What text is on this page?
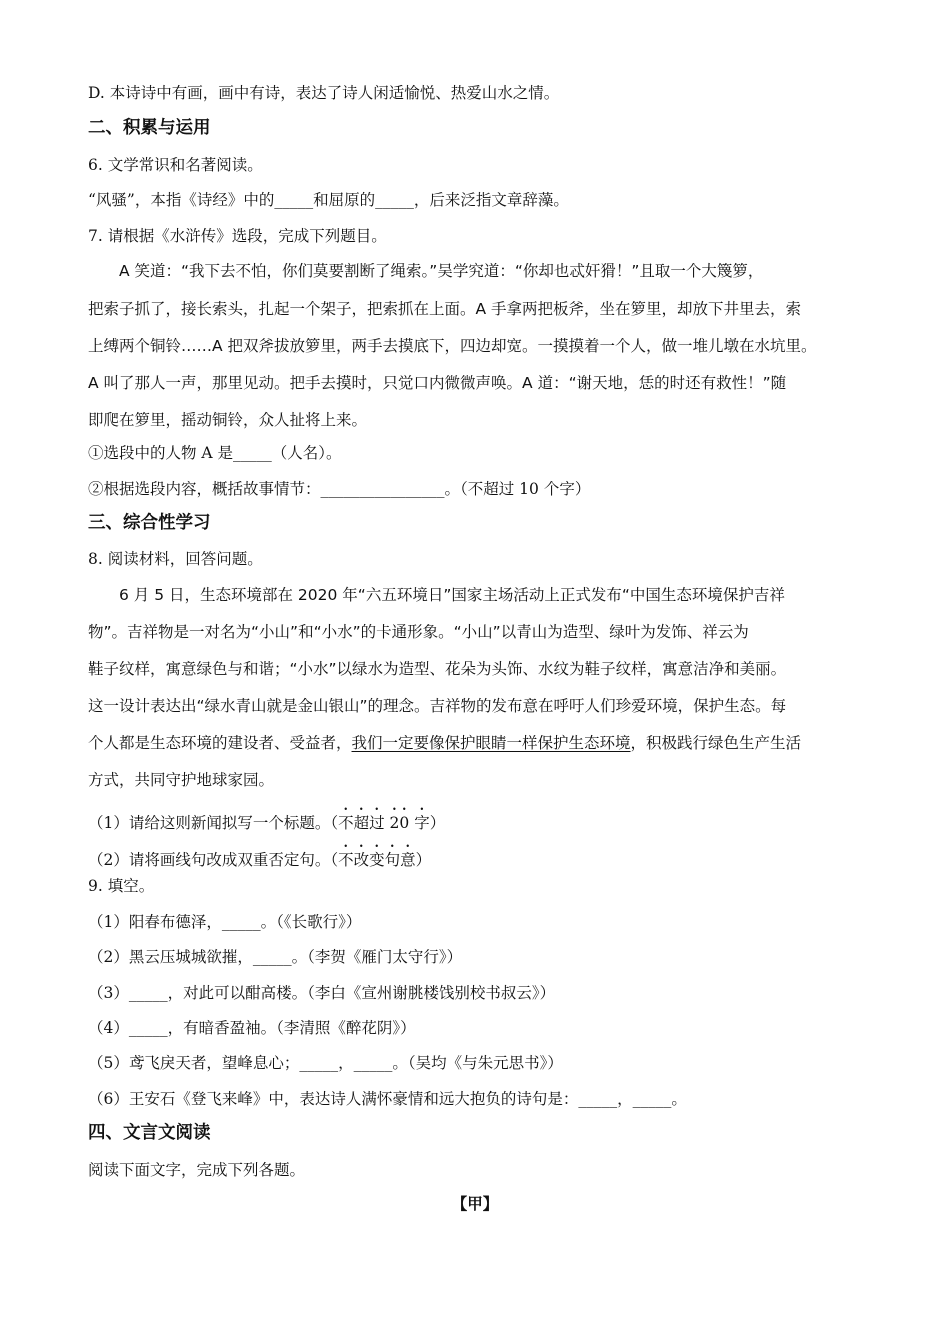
D. 本诗诗中有画，画中有诗，表达了诗人闲适愉悦、热爱山水之情。
二、积累与运用
6. 文学常识和名著阅读。
“风骚”，本指《诗经》中的_____和屈原的_____，后来泛指文章辞藻。
7. 请根据《水浒传》选段，完成下列题目。
A 笑道：“我下去不怕，你们莫要割断了绳索。”吴学究道：“你却也忒奸猾！”且取一个大篾箩，
把索子抓了，接长索头，扎起一个架子，把索抓在上面。A 手拿两把板斧，坐在箩里，却放下井里去，索
上缚两个铜铃……A 把双斧拔放箩里，两手去摸底下，四边却宽。一摸摸着一个人，做一堆儿墩在水坑里。
A 叫了那人一声，那里见动。把手去摸时，只觉口内微微声唤。A 道：“谢天地，恁的时还有救性！”随
即爬在箩里，摇动铜铃，众人扯将上来。
①选段中的人物 A 是_____（人名）。
②根据选段内容，概括故事情节：________________。（不超过 10 个字）
三、综合性学习
8. 阅读材料，回答问题。
6 月 5 日，生态环境部在 2020 年“六五环境日”国家主场活动上正式发布“中国生态环境保护吉祥
物”。吉祥物是一对名为“小山”和“小水”的卡通形象。“小山”以青山为造型、绿叶为发饰、祥云为
鞋子纹样，寓意绿色与和谐；“小水”以绿水为造型、花朵为头饰、水纹为鞋子纹样，寓意洁净和美丽。
这一设计表达出“绿水青山就是金山银山”的理念。吉祥物的发布意在呼吁人们珍爱环境，保护生态。每
个人都是生态环境的建设者、受益者，我们一定要像保护眼睛一样保护生态环境，积极践行绿色生产生活
方式，共同守护地球家园。
（1）请给这则新闻拟写一个标题。（不超过 20 字）
（2）请将画线句改成双重否定句。（不改变句意）
9. 填空。
（1）阳春布德泽，_____。（《长歌行》）
（2）黑云压城城欲摧，_____。（李贺《雁门太守行》）
（3）_____，对此可以酣高楼。（李白《宣州谢朓楼饯别校书叔云》）
（4）_____，有暗香盈袖。（李清照《醉花阴》）
（5）鸢飞戾天者，望峰息心；_____，_____。（吴均《与朱元思书》）
（6）王安石《登飞来峰》中，表达诗人满怀豪情和远大抱负的诗句是：_____，_____。
四、文言文阅读
阅读下面文字，完成下列各题。
【甲】
